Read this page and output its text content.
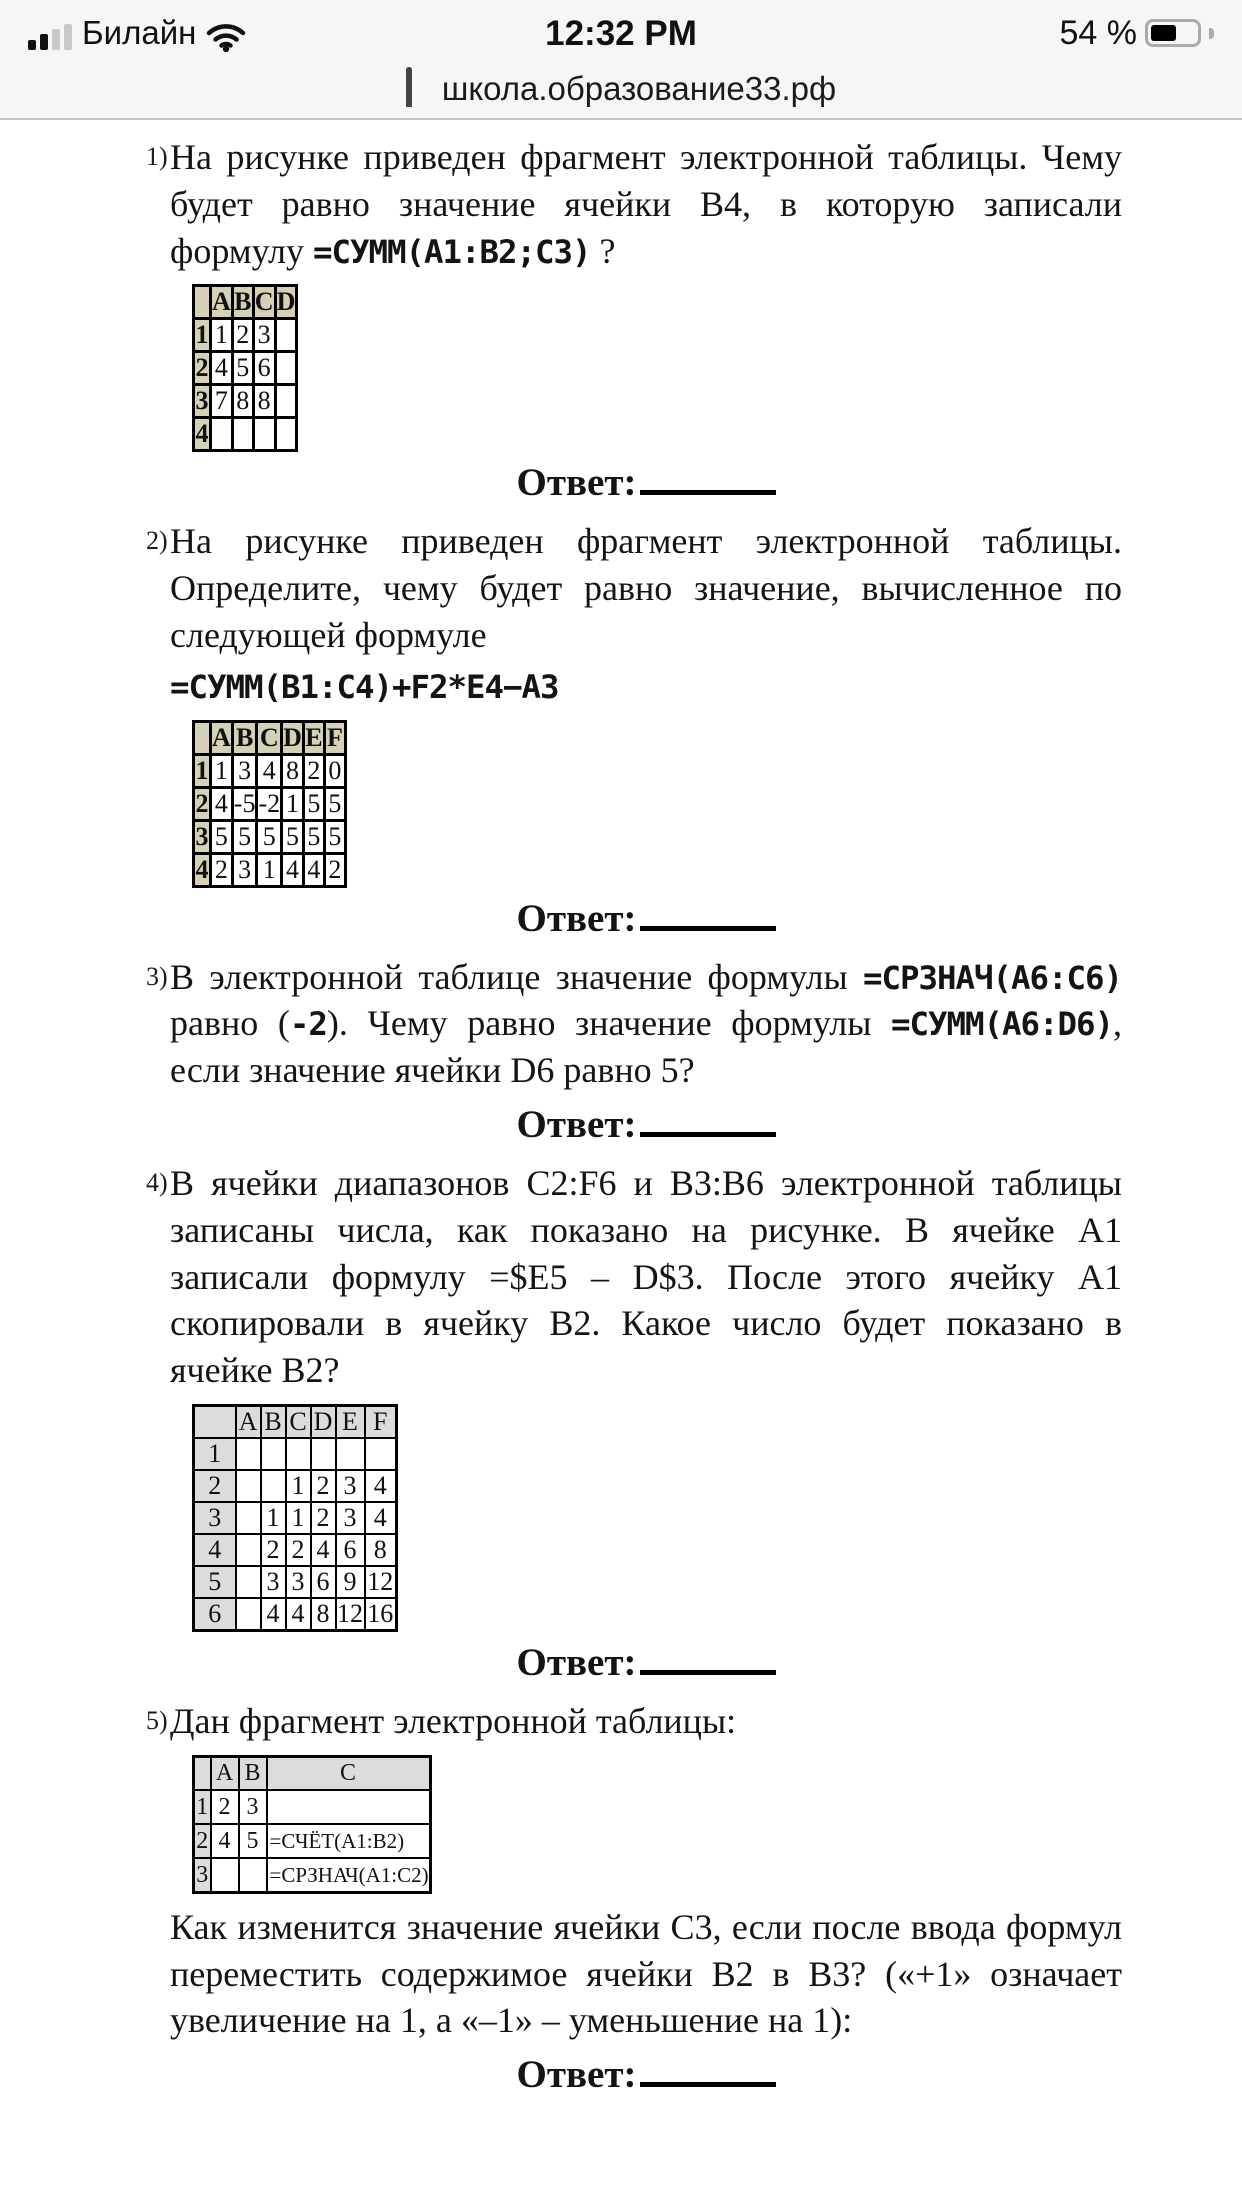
Билайн	12:32 PM	54 %
школа.образование33.рф
1) На рисунке приведен фрагмент электронной таблицы. Чему будет равно значение ячейки В4, в которую записали формулу =СУММ(A1:B2;C3) ?

	A	B	C	D
1	1	2	3	
2	4	5	6	
3	7	8	8	
4				
Ответ:
2) На рисунке приведен фрагмент электронной таблицы. Определите, чему будет равно значение, вычисленное по следующей формуле

=СУММ(B1:C4)+F2*E4−A3

	A	B	C	D	E	F
1	1	3	4	8	2	0
2	4	-5	-2	1	5	5
3	5	5	5	5	5	5
4	2	3	1	4	4	2
Ответ:
3) В электронной таблице значение формулы =СРЗНАЧ(A6:C6) равно (-2). Чему равно значение формулы =СУММ(A6:D6), если значение ячейки D6 равно 5?

Ответ:
4) В ячейки диапазонов C2:F6 и B3:B6 электронной таблицы записаны числа, как показано на рисунке. В ячейке A1 записали формулу =$E5 – D$3. После этого ячейку A1 скопировали в ячейку B2. Какое число будет показано в ячейке B2?

	A	B	C	D	E	F
1						
2			1	2	3	4
3		1	1	2	3	4
4		2	2	4	6	8
5		3	3	6	9	12
6		4	4	8	12	16
Ответ:
5) Дан фрагмент электронной таблицы:

	A	B	C
1	2	3	
2	4	5	=СЧЁТ(A1:B2)
3			=СРЗНАЧ(A1:C2)

Как изменится значение ячейки С3, если после ввода формул переместить содержимое ячейки В2 в В3? («+1» означает увеличение на 1, а «–1» – уменьшение на 1):

Ответ:
